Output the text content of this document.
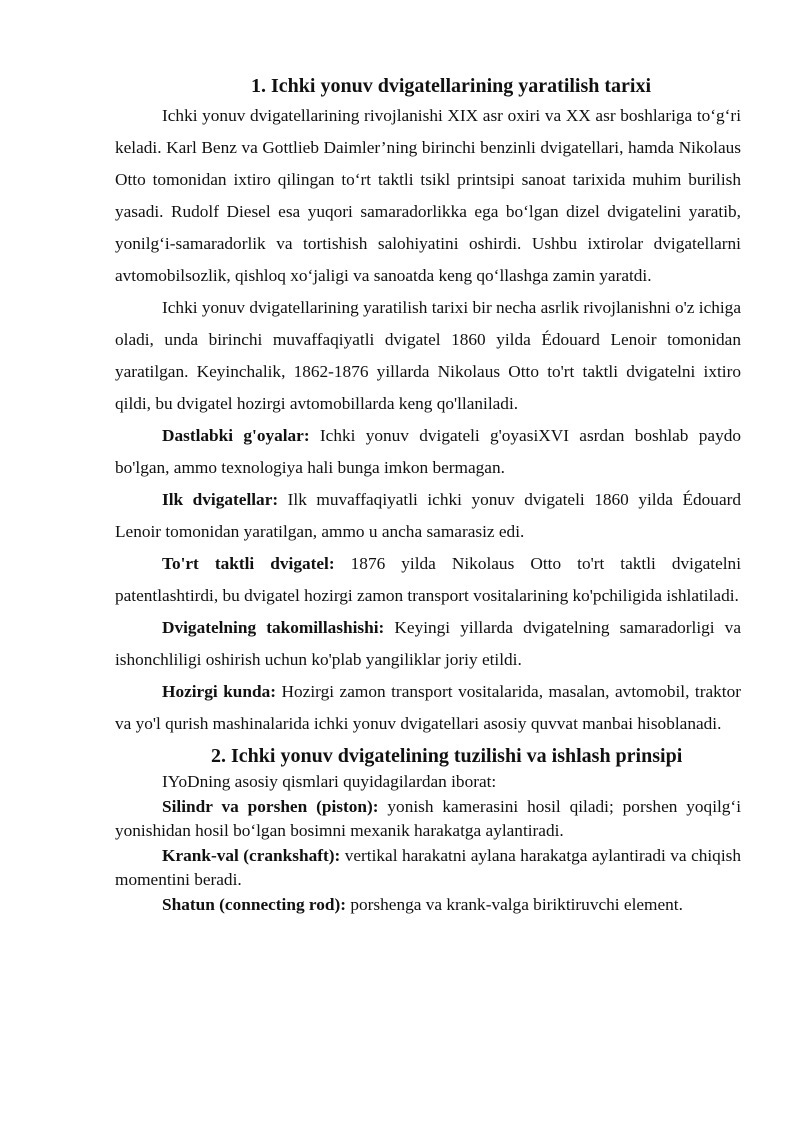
1. Ichki yonuv dvigatellarining yaratilish tarixi

Ichki yonuv dvigatellarining rivojlanishi XIX asr oxiri va XX asr boshlariga to‘g‘ri keladi. Karl Benz va Gottlieb Daimler’ning birinchi benzinli dvigatellari, hamda Nikolaus Otto tomonidan ixtiro qilingan to‘rt taktli tsikl printsipi sanoat tarixida muhim burilish yasadi. Rudolf Diesel esa yuqori samaradorlikka ega bo‘lgan dizel dvigatelini yaratib, yonilg‘i-samaradorlik va tortishish salohiyatini oshirdi. Ushbu ixtirolar dvigatellarni avtomobilsozlik, qishloq xo‘jaligi va sanoatda keng qo‘llashga zamin yaratdi.

Ichki yonuv dvigatellarining yaratilish tarixi bir necha asrlik rivojlanishni o'z ichiga oladi, unda birinchi muvaffaqiyatli dvigatel 1860 yilda Édouard Lenoir tomonidan yaratilgan. Keyinchalik, 1862-1876 yillarda Nikolaus Otto to'rt taktli dvigatelni ixtiro qildi, bu dvigatel hozirgi avtomobillarda keng qo'llaniladi.

Dastlabki g'oyalar: Ichki yonuv dvigateli g'oyasiXVI asrdan boshlab paydo bo'lgan, ammo texnologiya hali bunga imkon bermagan.

Ilk dvigatellar: Ilk muvaffaqiyatli ichki yonuv dvigateli 1860 yilda Édouard Lenoir tomonidan yaratilgan, ammo u ancha samarasiz edi.

To'rt taktli dvigatel: 1876 yilda Nikolaus Otto to'rt taktli dvigatelni patentlashtirdi, bu dvigatel hozirgi zamon transport vositalarining ko'pchiligida ishlatiladi.

Dvigatelning takomillashishi: Keyingi yillarda dvigatelning samaradorligi va ishonchliligi oshirish uchun ko'plab yangiliklar joriy etildi.

Hozirgi kunda: Hozirgi zamon transport vositalarida, masalan, avtomobil, traktor va yo'l qurish mashinalarida ichki yonuv dvigatellari asosiy quvvat manbai hisoblanadi.

2. Ichki yonuv dvigatelining tuzilishi va ishlash prinsipi

IYoDning asosiy qismlari quyidagilardan iborat:

Silindr va porshen (piston): yonish kamerasini hosil qiladi; porshen yoqilg‘i yonishidan hosil bo‘lgan bosimni mexanik harakatga aylantiradi.

Krank-val (crankshaft): vertikal harakatni aylana harakatga aylantiradi va chiqish momentini beradi.

Shatun (connecting rod): porshenga va krank-valga biriktiruvchi element.
